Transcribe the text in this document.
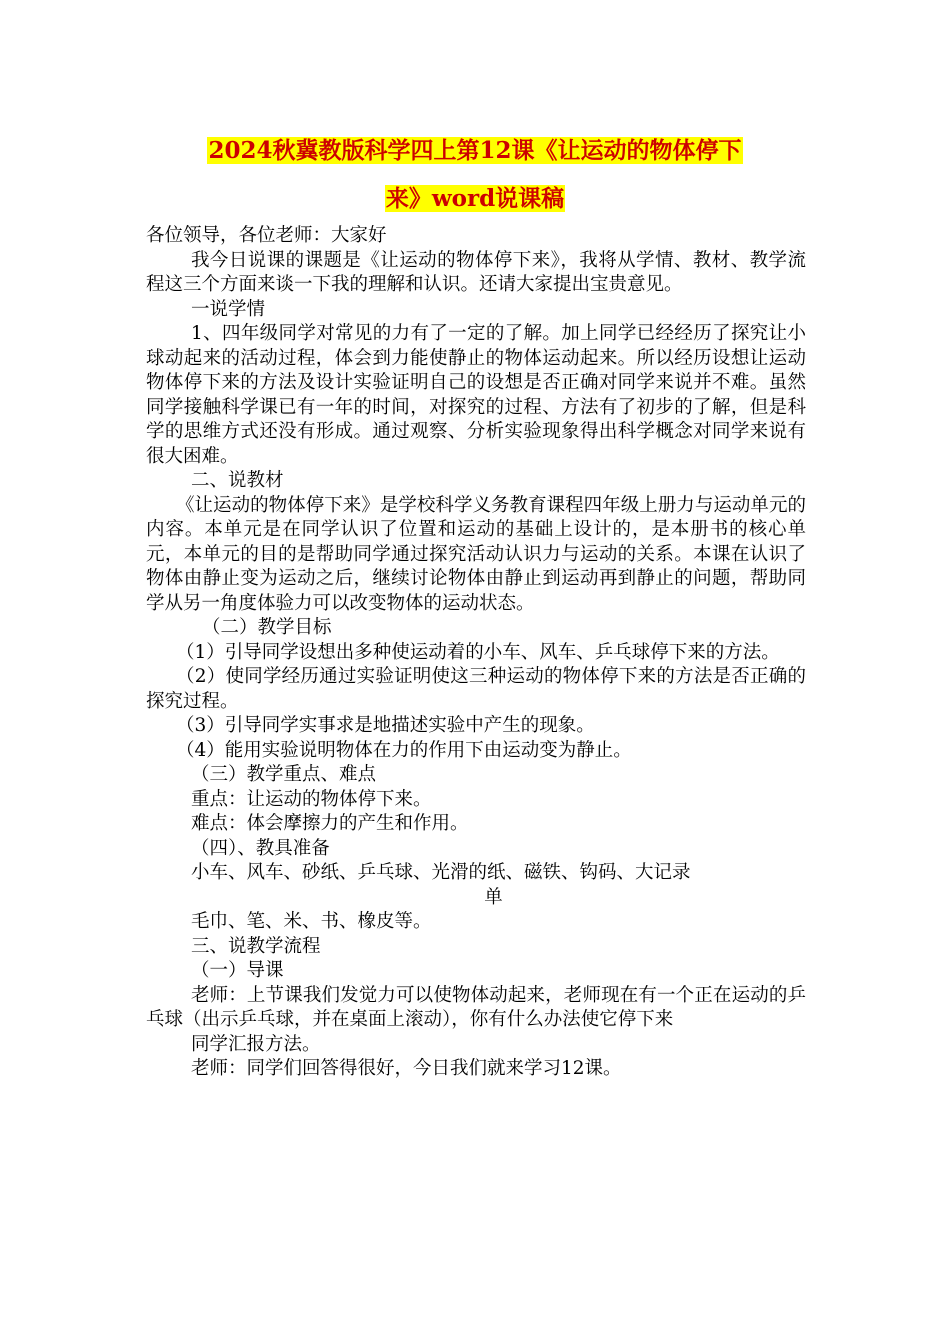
2024秋冀教版科学四上第12课《让运动的物体停下
来》word说课稿

各位领导，各位老师：大家好

我今日说课的课题是《让运动的物体停下来》，我将从学情、教材、教学流程这三个方面来谈一下我的理解和认识。还请大家提出宝贵意见。

一说学情

1、四年级同学对常见的力有了一定的了解。加上同学已经经历了探究让小球动起来的活动过程，体会到力能使静止的物体运动起来。所以经历设想让运动物体停下来的方法及设计实验证明自己的设想是否正确对同学来说并不难。虽然同学接触科学课已有一年的时间，对探究的过程、方法有了初步的了解，但是科学的思维方式还没有形成。通过观察、分析实验现象得出科学概念对同学来说有很大困难。

二、说教材

《让运动的物体停下来》是学校科学义务教育课程四年级上册力与运动单元的内容。本单元是在同学认识了位置和运动的基础上设计的，是本册书的核心单元，本单元的目的是帮助同学通过探究活动认识力与运动的关系。本课在认识了物体由静止变为运动之后，继续讨论物体由静止到运动再到静止的问题，帮助同学从另一角度体验力可以改变物体的运动状态。

（二）教学目标

（1）引导同学设想出多种使运动着的小车、风车、乒乓球停下来的方法。

（2）使同学经历通过实验证明使这三种运动的物体停下来的方法是否正确的探究过程。

（3）引导同学实事求是地描述实验中产生的现象。

（4）能用实验说明物体在力的作用下由运动变为静止。

（三）教学重点、难点

重点：让运动的物体停下来。

难点：体会摩擦力的产生和作用。

（四）、教具准备

小车、风车、砂纸、乒乓球、光滑的纸、磁铁、钩码、大记录

单

毛巾、笔、米、书、橡皮等。

三、说教学流程

（一）导课

老师：上节课我们发觉力可以使物体动起来，老师现在有一个正在运动的乒乓球（出示乒乓球，并在桌面上滚动），你有什么办法使它停下来

同学汇报方法。

老师：同学们回答得很好，今日我们就来学习12课。
